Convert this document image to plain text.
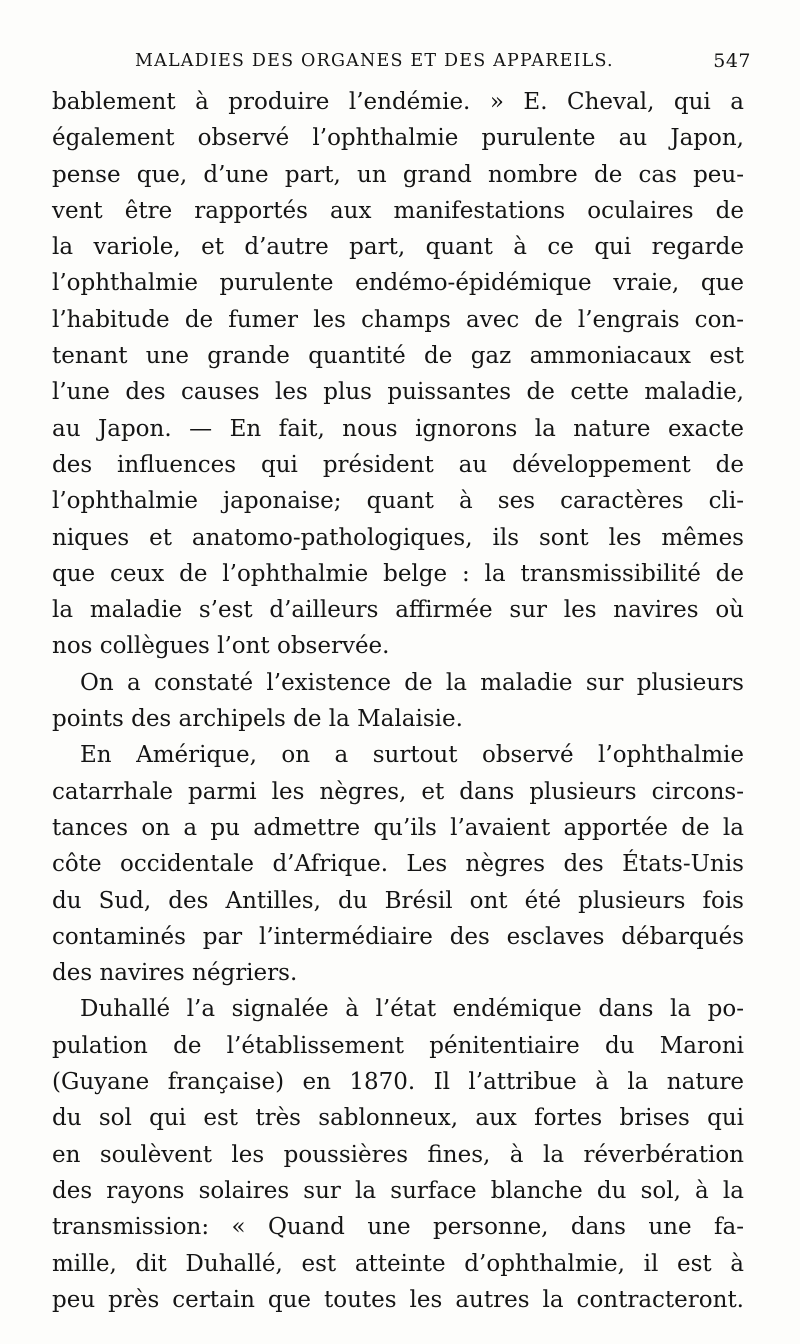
MALADIES DES ORGANES ET DES APPAREILS.	547
bablement à produire l’endémie. » E. Cheval, qui a
également observé l’ophthalmie purulente au Japon,
pense que, d’une part, un grand nombre de cas peu-
vent être rapportés aux manifestations oculaires de
la variole, et d’autre part, quant à ce qui regarde
l’ophthalmie purulente endémo-épidémique vraie, que
l’habitude de fumer les champs avec de l’engrais con-
tenant une grande quantité de gaz ammoniacaux est
l’une des causes les plus puissantes de cette maladie,
au Japon. — En fait, nous ignorons la nature exacte
des influences qui président au développement de
l’ophthalmie japonaise; quant à ses caractères cli-
niques et anatomo-pathologiques, ils sont les mêmes
que ceux de l’ophthalmie belge : la transmissibilité de
la maladie s’est d’ailleurs affirmée sur les navires où
nos collègues l’ont observée.
On a constaté l’existence de la maladie sur plusieurs
points des archipels de la Malaisie.
En Amérique, on a surtout observé l’ophthalmie
catarrhale parmi les nègres, et dans plusieurs circons-
tances on a pu admettre qu’ils l’avaient apportée de la
côte occidentale d’Afrique. Les nègres des États-Unis
du Sud, des Antilles, du Brésil ont été plusieurs fois
contaminés par l’intermédiaire des esclaves débarqués
des navires négriers.
Duhallé l’a signalée à l’état endémique dans la po-
pulation de l’établissement pénitentiaire du Maroni
(Guyane française) en 1870. Il l’attribue à la nature
du sol qui est très sablonneux, aux fortes brises qui
en soulèvent les poussières fines, à la réverbération
des rayons solaires sur la surface blanche du sol, à la
transmission: « Quand une personne, dans une fa-
mille, dit Duhallé, est atteinte d’ophthalmie, il est à
peu près certain que toutes les autres la contracteront.
